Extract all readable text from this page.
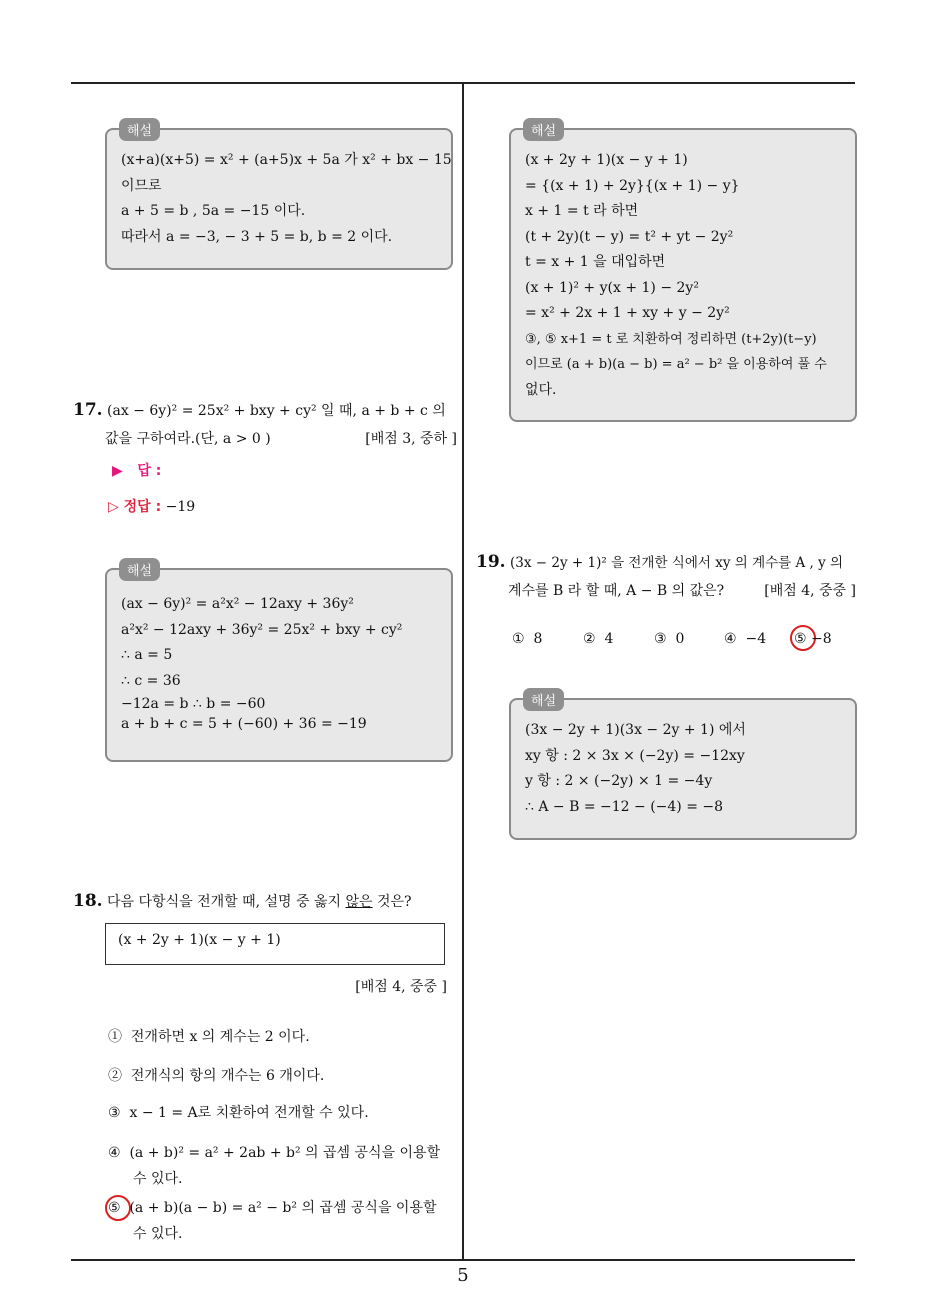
5
해설
(x+a)(x+5) = x² + (a+5)x + 5a 가 x² + bx − 15
이므로
a + 5 = b , 5a = −15 이다.
따라서 a = −3, − 3 + 5 = b, b = 2 이다.
17. (ax − 6y)² = 25x² + bxy + cy² 일 때, a + b + c 의
값을 구하여라.(단, a > 0 )	[배점 3, 중하 ]
▶   답 :
▷ 정답 : −19
해설
(ax − 6y)² = a²x² − 12axy + 36y²
a²x² − 12axy + 36y² = 25x² + bxy + cy²
∴ a = 5
∴ c = 36
−12a = b ∴ b = −60
a + b + c = 5 + (−60) + 36 = −19
18. 다음 다항식을 전개할 때, 설명 중 옳지 않은 것은?
(x + 2y + 1)(x − y + 1)
[배점 4, 중중 ]
① 전개하면 x 의 계수는 2 이다.
② 전개식의 항의 개수는 6 개이다.
③ x − 1 = A로 치환하여 전개할 수 있다.
④ (a + b)² = a² + 2ab + b² 의 곱셈 공식을 이용할
수 있다.
⑤ (a + b)(a − b) = a² − b² 의 곱셈 공식을 이용할
수 있다.
해설
(x + 2y + 1)(x − y + 1)
= {(x + 1) + 2y}{(x + 1) − y}
x + 1 = t 라 하면
(t + 2y)(t − y) = t² + yt − 2y²
t = x + 1 을 대입하면
(x + 1)² + y(x + 1) − 2y²
= x² + 2x + 1 + xy + y − 2y²
③, ⑤ x+1 = t 로 치환하여 정리하면 (t+2y)(t−y)
이므로 (a + b)(a − b) = a² − b² 을 이용하여 풀 수
없다.
19. (3x − 2y + 1)² 을 전개한 식에서 xy 의 계수를 A , y 의
계수를 B 라 할 때, A − B 의 값은?	[배점 4, 중중 ]
① 8	② 4	③ 0	④ −4 ⑤ −8
해설
(3x − 2y + 1)(3x − 2y + 1) 에서
xy 항 : 2 × 3x × (−2y) = −12xy
y 항 : 2 × (−2y) × 1 = −4y
∴ A − B = −12 − (−4) = −8
